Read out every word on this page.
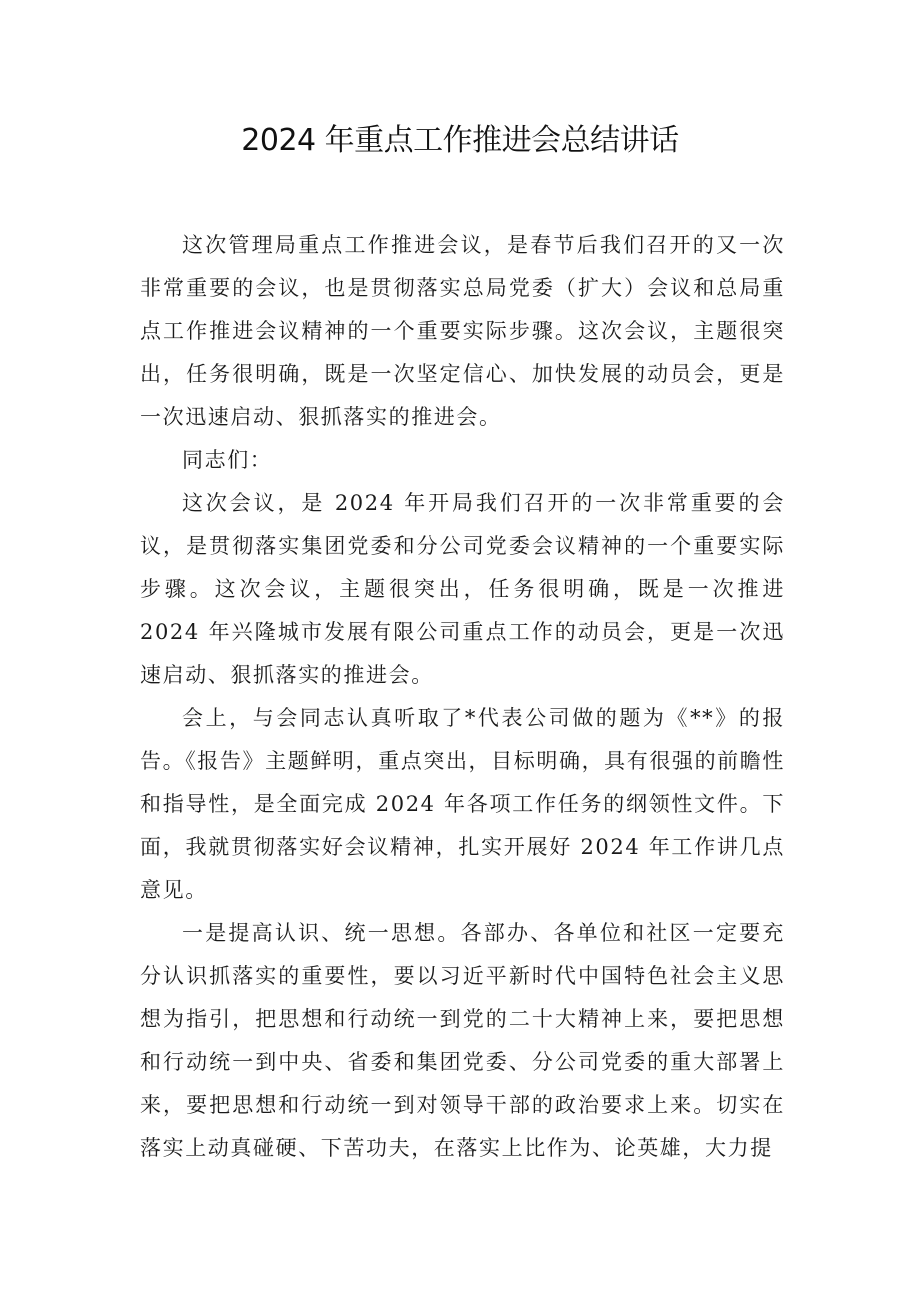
2024 年重点工作推进会总结讲话

这次管理局重点工作推进会议，是春节后我们召开的又一次非常重要的会议，也是贯彻落实总局党委（扩大）会议和总局重点工作推进会议精神的一个重要实际步骤。这次会议，主题很突出，任务很明确，既是一次坚定信心、加快发展的动员会，更是一次迅速启动、狠抓落实的推进会。

同志们：

这次会议，是 2024 年开局我们召开的一次非常重要的会议，是贯彻落实集团党委和分公司党委会议精神的一个重要实际步骤。这次会议，主题很突出，任务很明确，既是一次推进 2024 年兴隆城市发展有限公司重点工作的动员会，更是一次迅速启动、狠抓落实的推进会。

会上，与会同志认真听取了*代表公司做的题为《**》的报告。《报告》主题鲜明，重点突出，目标明确，具有很强的前瞻性和指导性，是全面完成 2024 年各项工作任务的纲领性文件。下面，我就贯彻落实好会议精神，扎实开展好 2024 年工作讲几点意见。

一是提高认识、统一思想。各部办、各单位和社区一定要充分认识抓落实的重要性，要以习近平新时代中国特色社会主义思想为指引，把思想和行动统一到党的二十大精神上来，要把思想和行动统一到中央、省委和集团党委、分公司党委的重大部署上来，要把思想和行动统一到对领导干部的政治要求上来。切实在落实上动真碰硬、下苦功夫，在落实上比作为、论英雄，大力提
